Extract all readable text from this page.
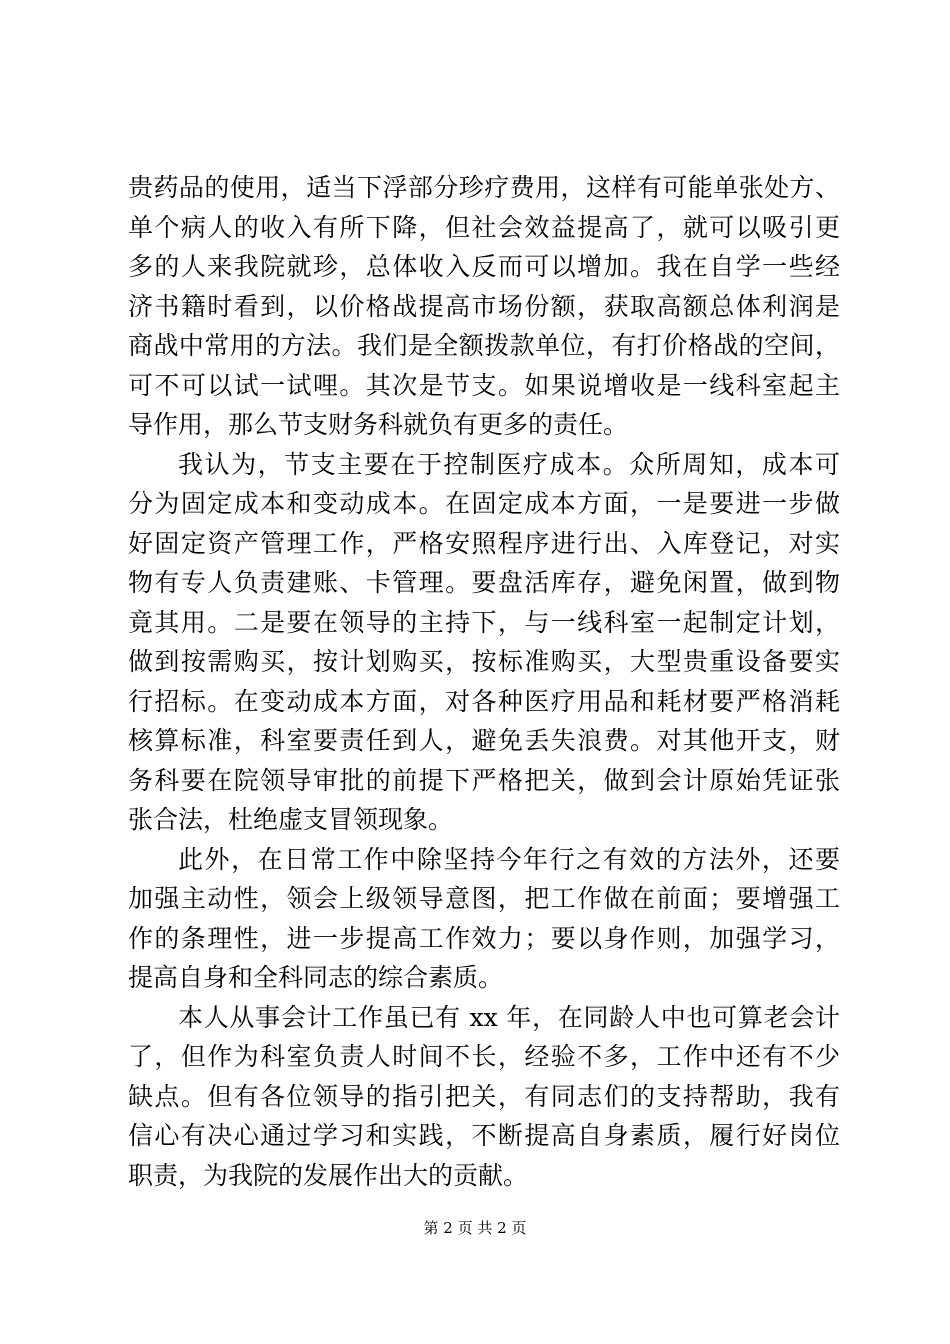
贵药品的使用，适当下浮部分珍疗费用，这样有可能单张处方、
单个病人的收入有所下降，但社会效益提高了，就可以吸引更
多的人来我院就珍，总体收入反而可以增加。我在自学一些经
济书籍时看到，以价格战提高市场份额，获取高额总体利润是
商战中常用的方法。我们是全额拨款单位，有打价格战的空间，
可不可以试一试哩。其次是节支。如果说增收是一线科室起主
导作用，那么节支财务科就负有更多的责任。
我认为，节支主要在于控制医疗成本。众所周知，成本可
分为固定成本和变动成本。在固定成本方面，一是要进一步做
好固定资产管理工作，严格安照程序进行出、入库登记，对实
物有专人负责建账、卡管理。要盘活库存，避免闲置，做到物
竟其用。二是要在领导的主持下，与一线科室一起制定计划，
做到按需购买，按计划购买，按标准购买，大型贵重设备要实
行招标。在变动成本方面，对各种医疗用品和耗材要严格消耗
核算标准，科室要责任到人，避免丢失浪费。对其他开支，财
务科要在院领导审批的前提下严格把关，做到会计原始凭证张
张合法，杜绝虚支冒领现象。
此外，在日常工作中除坚持今年行之有效的方法外，还要
加强主动性，领会上级领导意图，把工作做在前面；要增强工
作的条理性，进一步提高工作效力；要以身作则，加强学习，
提高自身和全科同志的综合素质。
本人从事会计工作虽已有 xx 年，在同龄人中也可算老会计
了，但作为科室负责人时间不长，经验不多，工作中还有不少
缺点。但有各位领导的指引把关，有同志们的支持帮助，我有
信心有决心通过学习和实践，不断提高自身素质，履行好岗位
职责，为我院的发展作出大的贡献。
第 2 页 共 2 页
